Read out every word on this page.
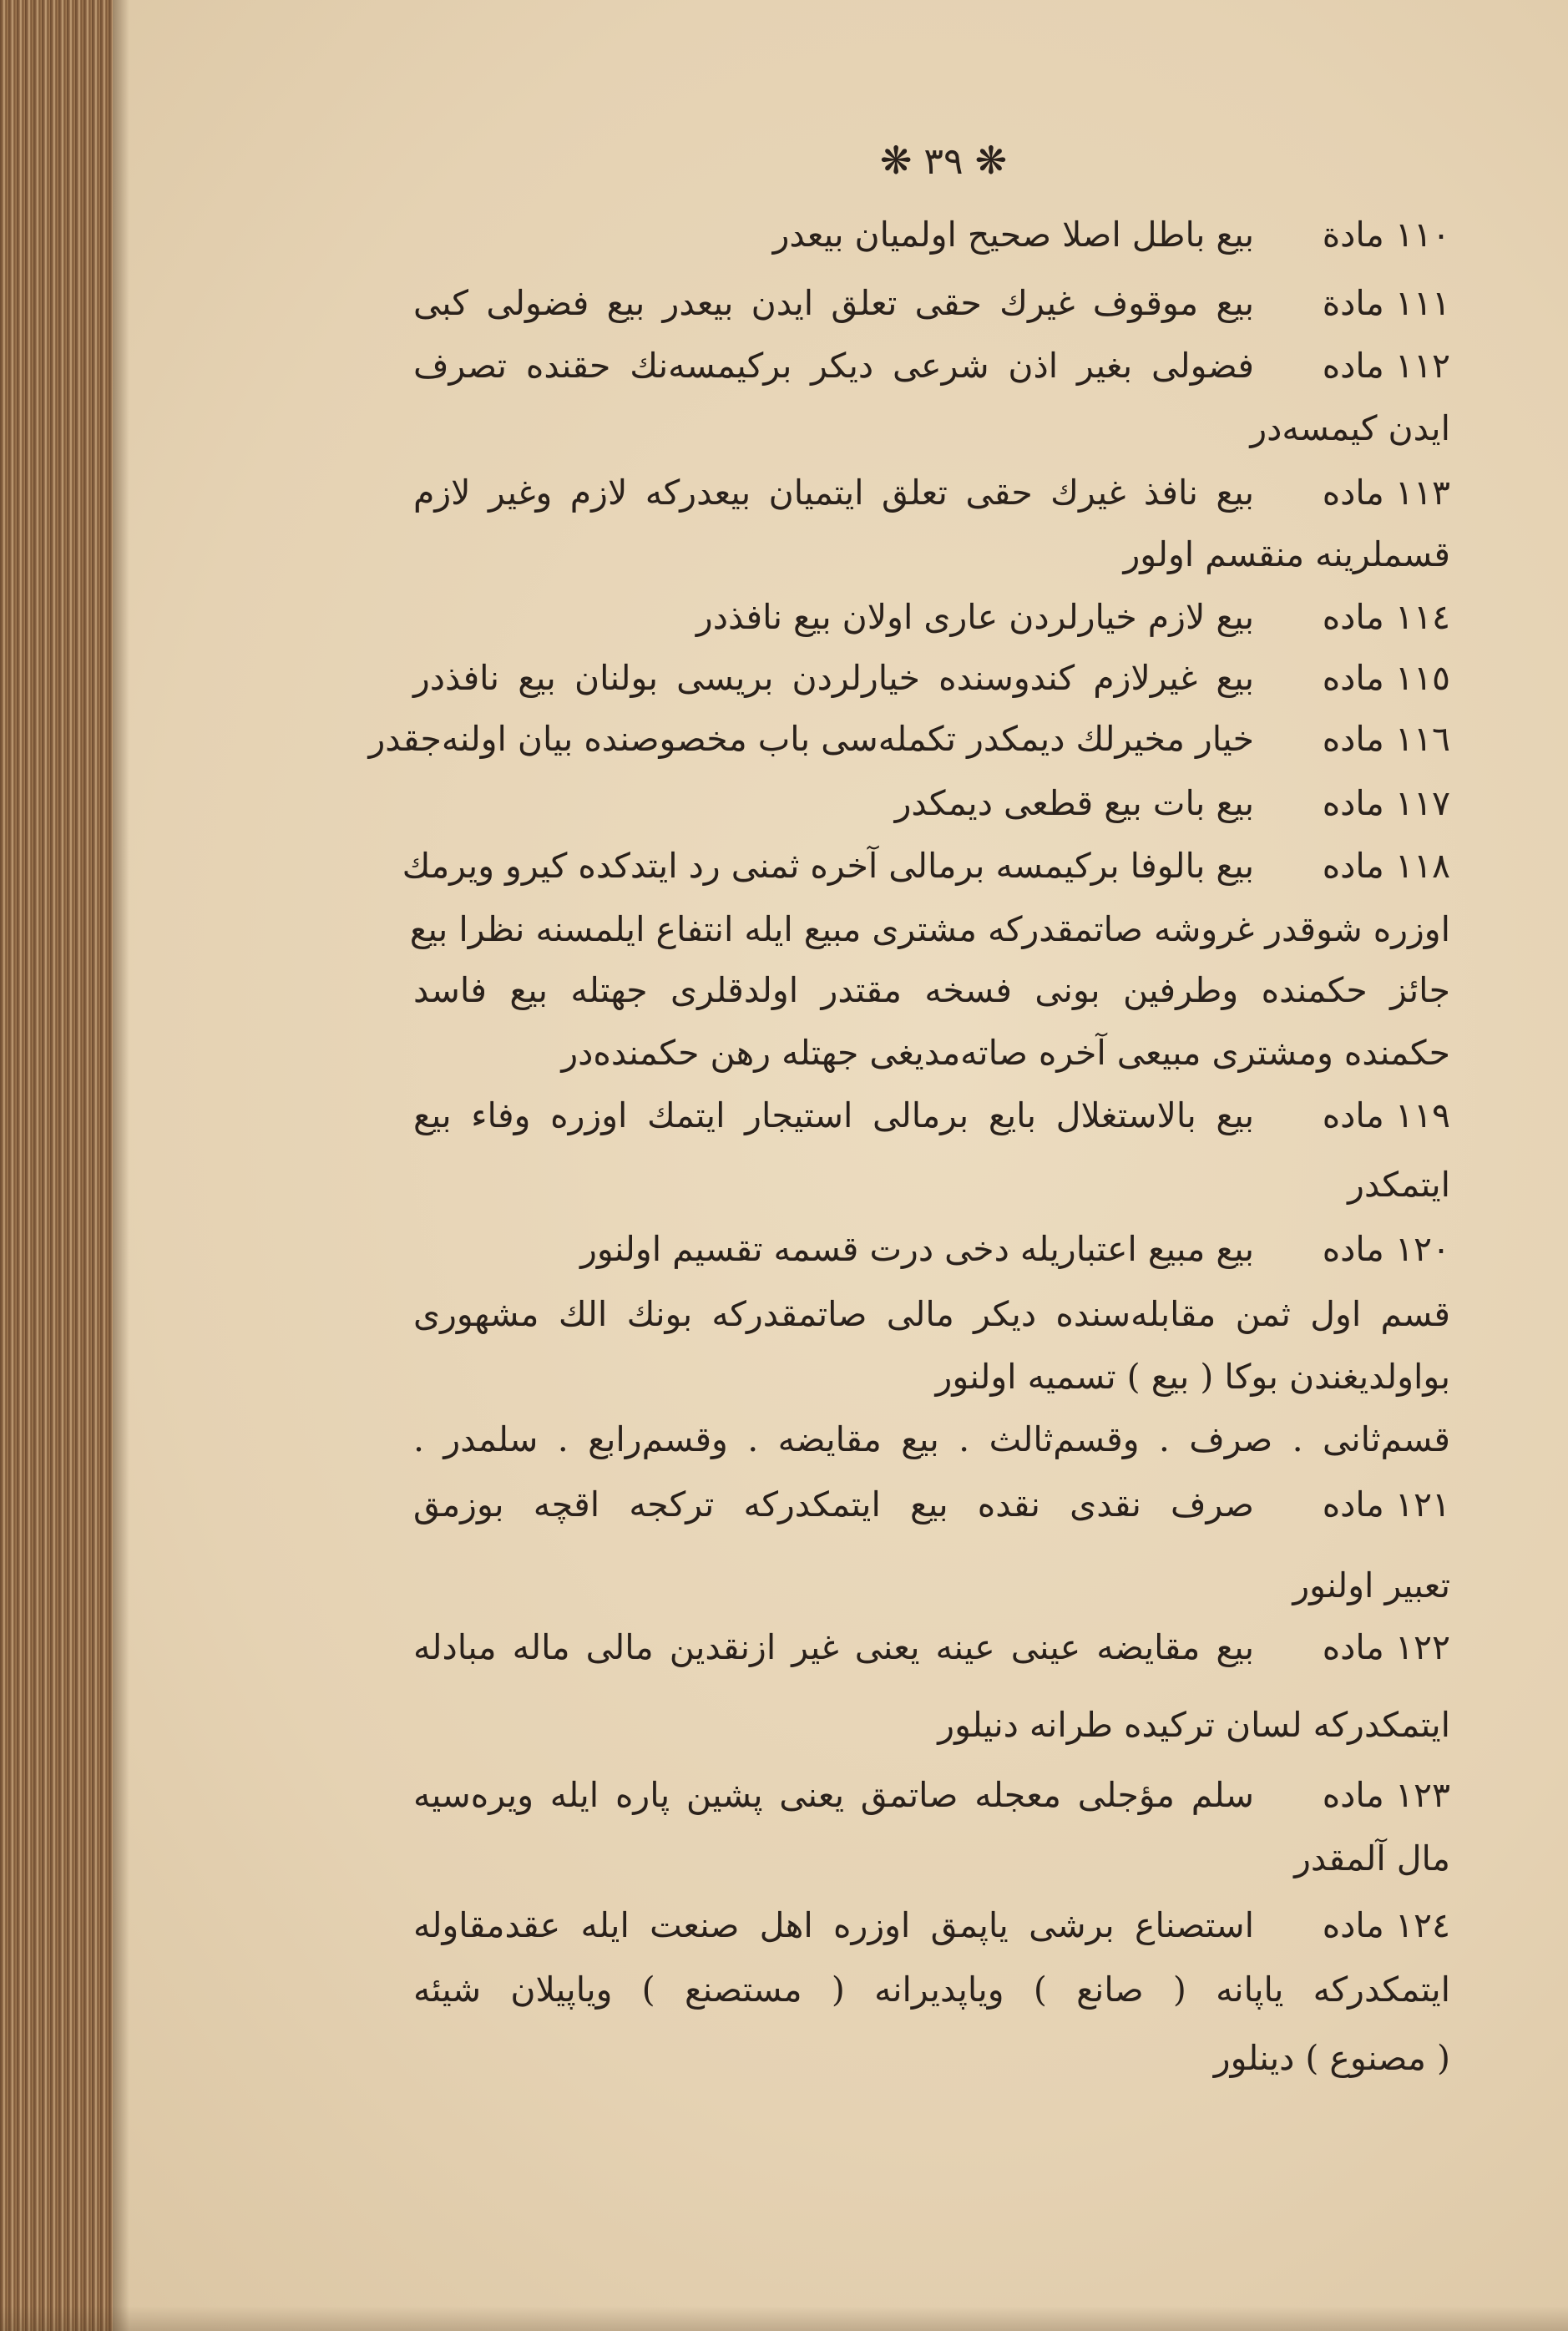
❋ ٣٩ ❋
١١٠ مادة
بيع باطل اصلا صحيح اولميان بيعدر
١١١ مادة
بيع موقوف غيرك حقى تعلق ايدن بيعدر بيع فضولى كبى
١١٢ ماده
فضولى بغير اذن شرعى ديكر بركيمسه‌نك حقنده تصرف
ايدن كيمسه‌در
١١٣ ماده
بيع نافذ غيرك حقى تعلق ايتميان بيعدركه لازم وغير لازم
قسملرينه منقسم اولور
١١٤ ماده
بيع لازم خيارلردن عارى اولان بيع نافذدر
١١٥ ماده
بيع غيرلازم كندوسنده خيارلردن بريسى بولنان بيع نافذدر
١١٦ ماده
خيار مخيرلك ديمكدر تكمله‌سى باب مخصوصنده بيان اولنه‌جقدر
١١٧ ماده
بيع بات بيع قطعى ديمكدر
١١٨ ماده
بيع بالوفا بركيمسه برمالى آخره ثمنى رد ايتدكده كيرو ويرمك
اوزره شوقدر غروشه صاتمقدركه مشترى مبيع ايله انتفاع ايلمسنه نظرا بيع
جائز حكمنده وطرفين بونى فسخه مقتدر اولدقلرى جهتله بيع فاسد
حكمنده ومشترى مبيعى آخره صاته‌مديغى جهتله رهن حكمنده‌در
١١٩ ماده
بيع بالاستغلال بايع برمالى استيجار ايتمك اوزره وفاء بيع
ايتمكدر
١٢٠ ماده
بيع مبيع اعتباريله دخى درت قسمه تقسيم اولنور
قسم اول ثمن مقابله‌سنده ديكر مالى صاتمقدركه بونك الك مشهورى
بواولديغندن بوكا ( بيع ) تسميه اولنور
قسم‌ثانى . صرف . وقسم‌ثالث . بيع مقايضه . وقسم‌رابع . سلمدر .
١٢١ ماده
صرف نقدى نقده بيع ايتمكدركه تركجه اقچه بوزمق
تعبير اولنور
١٢٢ ماده
بيع مقايضه عينى عينه يعنى غير ازنقدين مالى ماله مبادله
ايتمكدركه لسان تركيده طرانه دنيلور
١٢٣ ماده
سلم مؤجلى معجله صاتمق يعنى پشين پاره ايله ويره‌سيه
مال آلمقدر
١٢٤ ماده
استصناع برشى ياپمق اوزره اهل صنعت ايله عقدمقاوله
ايتمكدركه ياپانه ( صانع ) وياپديرانه ( مستصنع ) وياپيلان شيئه
( مصنوع ) دينلور
